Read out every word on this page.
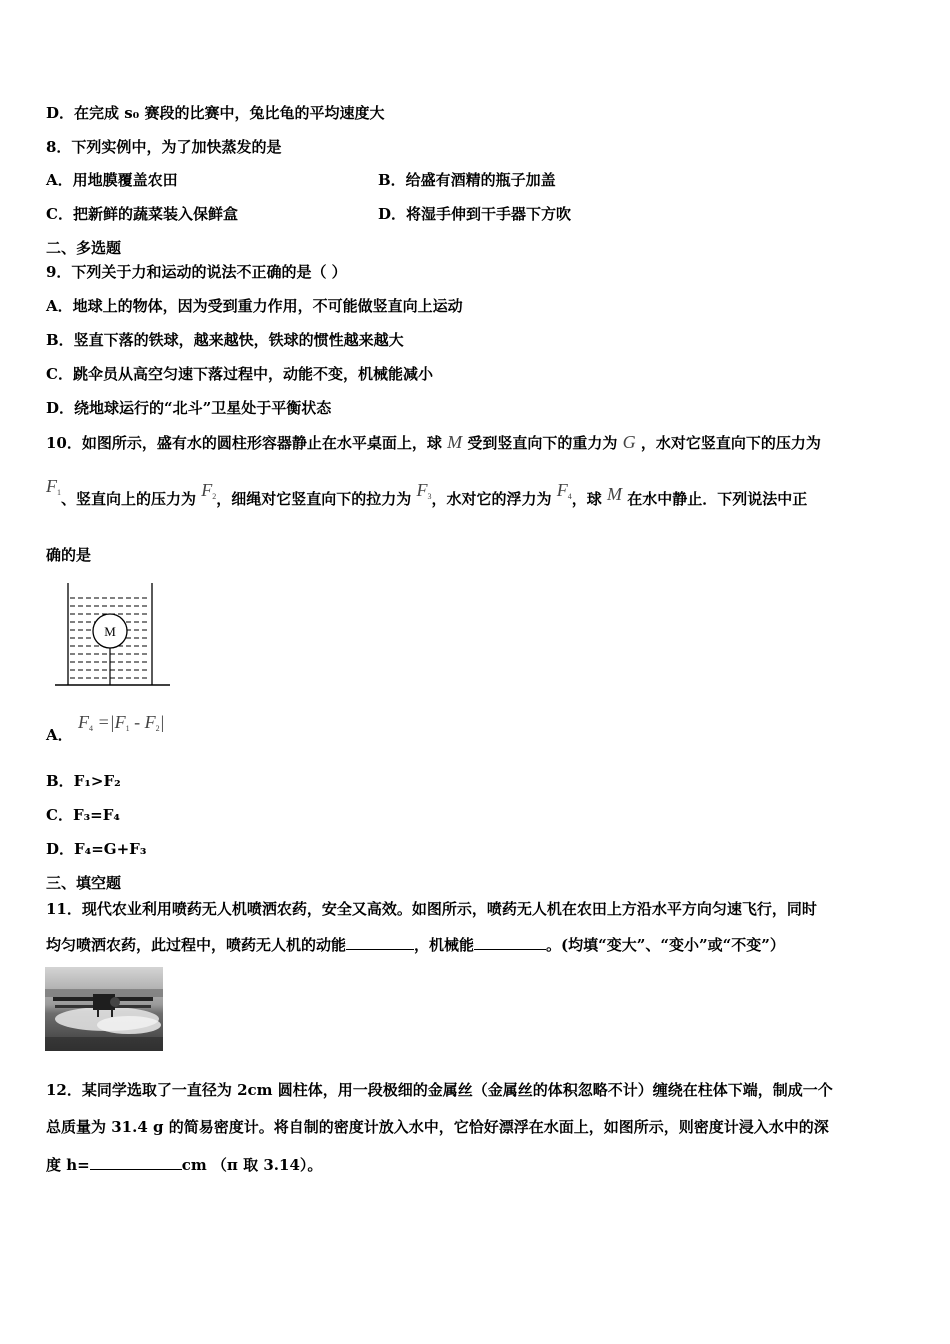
D．在完成 s₀ 赛段的比赛中，兔比龟的平均速度大
8．下列实例中，为了加快蒸发的是
A．用地膜覆盖农田	B．给盛有酒精的瓶子加盖
C．把新鲜的蔬菜装入保鲜盒	D．将湿手伸到干手器下方吹
二、多选题
9．下列关于力和运动的说法不正确的是（ ）
A．地球上的物体，因为受到重力作用，不可能做竖直向上运动
B．竖直下落的铁球，越来越快，铁球的惯性越来越大
C．跳伞员从高空匀速下落过程中，动能不变，机械能减小
D．绕地球运行的“北斗”卫星处于平衡状态
10．如图所示，盛有水的圆柱形容器静止在水平桌面上，球 M 受到竖直向下的重力为 G ，水对它竖直向下的压力为
F1、竖直向上的压力为 F2，细绳对它竖直向下的拉力为 F3，水对它的浮力为 F4，球 M 在水中静止．下列说法中正
确的是
M
A．
F4 =|F1 - F2|
B．F₁>F₂
C．F₃=F₄
D．F₄=G+F₃
三、填空题
11．现代农业利用喷药无人机喷洒农药，安全又高效。如图所示，喷药无人机在农田上方沿水平方向匀速飞行，同时
均匀喷洒农药，此过程中，喷药无人机的动能	，机械能	。(均填“变大”、“变小”或“不变”）
12．某同学选取了一直径为 2cm 圆柱体，用一段极细的金属丝（金属丝的体积忽略不计）缠绕在柱体下端，制成一个
总质量为 31.4 g 的简易密度计。将自制的密度计放入水中，它恰好漂浮在水面上，如图所示，则密度计浸入水中的深
度 h=	cm （π 取 3.14）。
